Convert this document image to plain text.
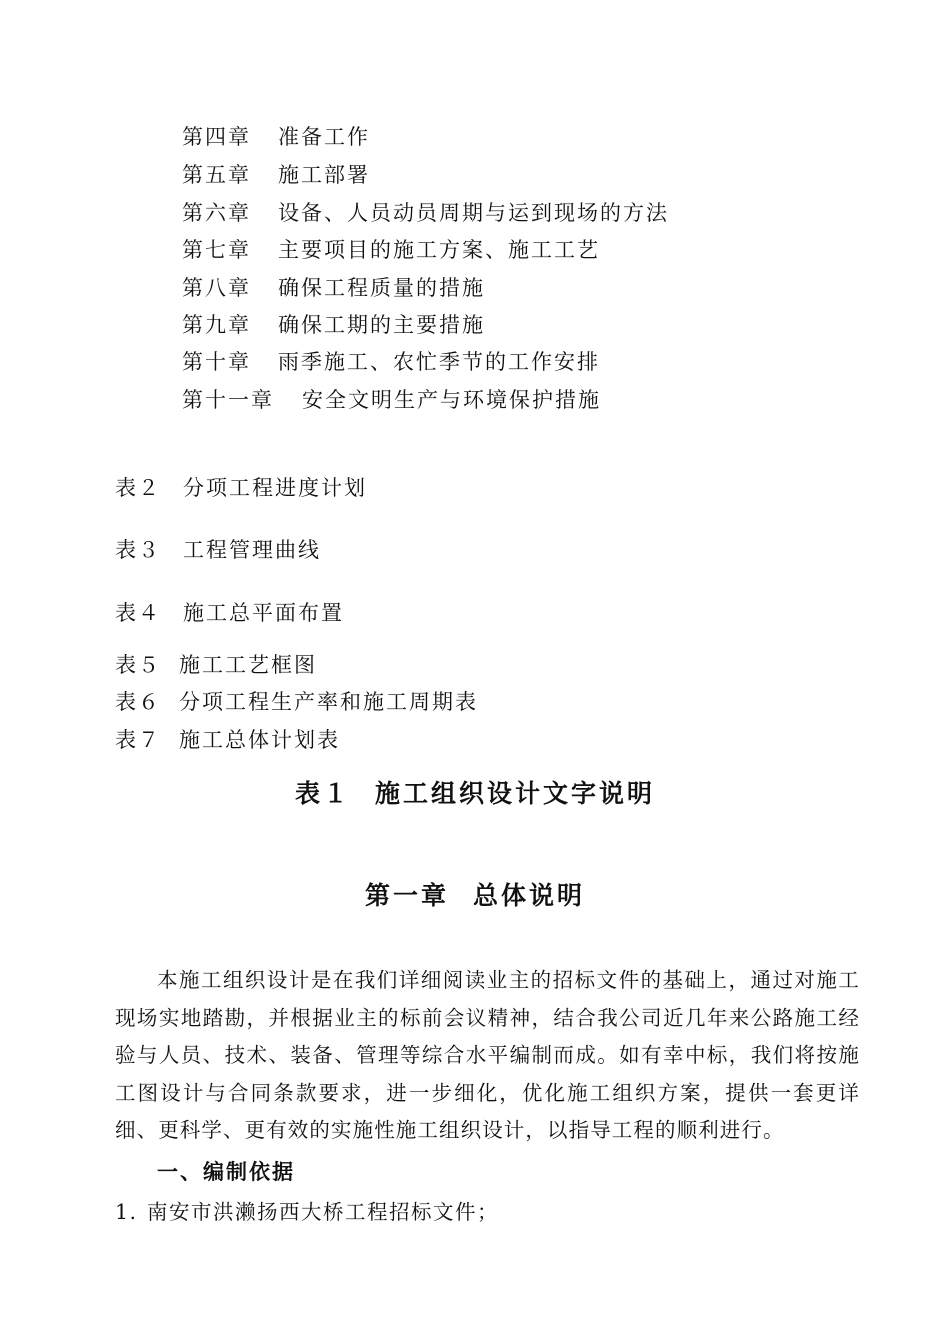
第四章 准备工作
第五章 施工部署
第六章 设备、人员动员周期与运到现场的方法
第七章 主要项目的施工方案、施工工艺
第八章 确保工程质量的措施
第九章 确保工期的主要措施
第十章 雨季施工、农忙季节的工作安排
第十一章 安全文明生产与环境保护措施
表２ 分项工程进度计划
表３ 工程管理曲线
表４ 施工总平面布置
表５ 施工工艺框图
表６ 分项工程生产率和施工周期表
表７ 施工总体计划表
表１ 施工组织设计文字说明
第一章 总体说明
本施工组织设计是在我们详细阅读业主的招标文件的基础上，通过对施工现场实地踏勘，并根据业主的标前会议精神，结合我公司近几年来公路施工经验与人员、技术、装备、管理等综合水平编制而成。如有幸中标，我们将按施工图设计与合同条款要求，进一步细化，优化施工组织方案，提供一套更详细、更科学、更有效的实施性施工组织设计，以指导工程的顺利进行。
一、编制依据
1. 南安市洪濑扬西大桥工程招标文件；
